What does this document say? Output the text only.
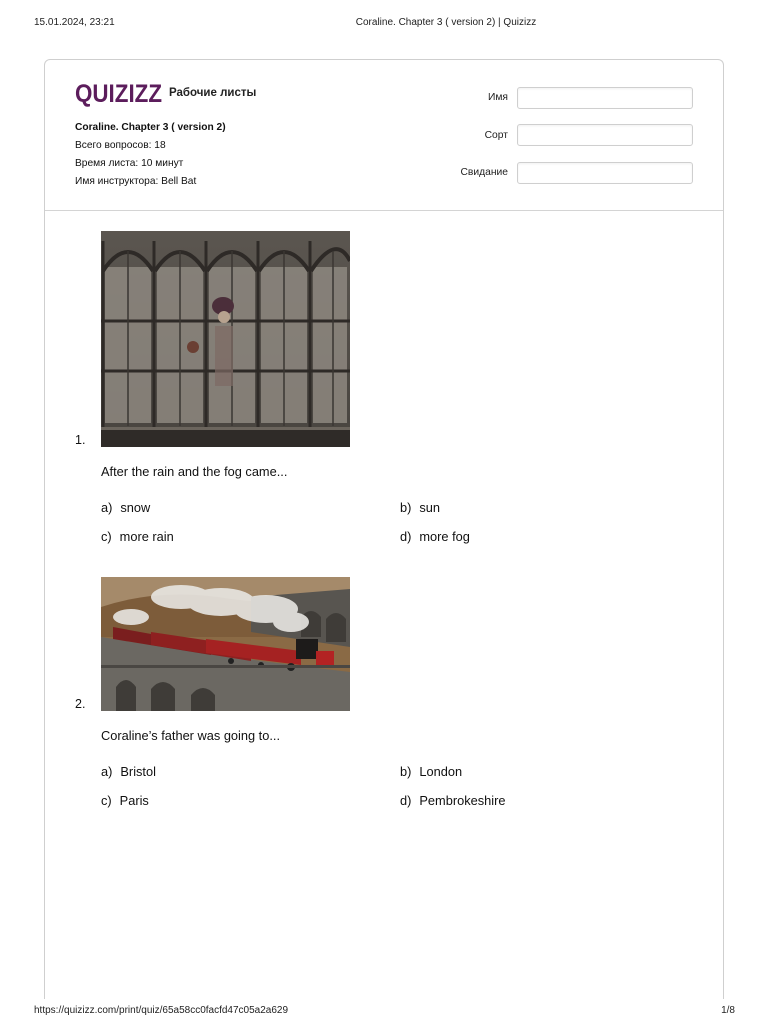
15.01.2024, 23:21	Coraline. Chapter 3 ( version 2) | Quizizz
QUIZIZZ Рабочие листы
Coraline. Chapter 3 ( version 2)
Всего вопросов: 18
Время листа: 10 минут
Имя инструктора: Bell Bat
Имя
Сорт
Свидание
1.
After the rain and the fog came...
a) snow	b) sun
c) more rain	d) more fog
2.
Coraline’s father was going to...
a) Bristol	b) London
c) Paris	d) Pembrokeshire
https://quizizz.com/print/quiz/65a58cc0facfd47c05a2a629	1/8
